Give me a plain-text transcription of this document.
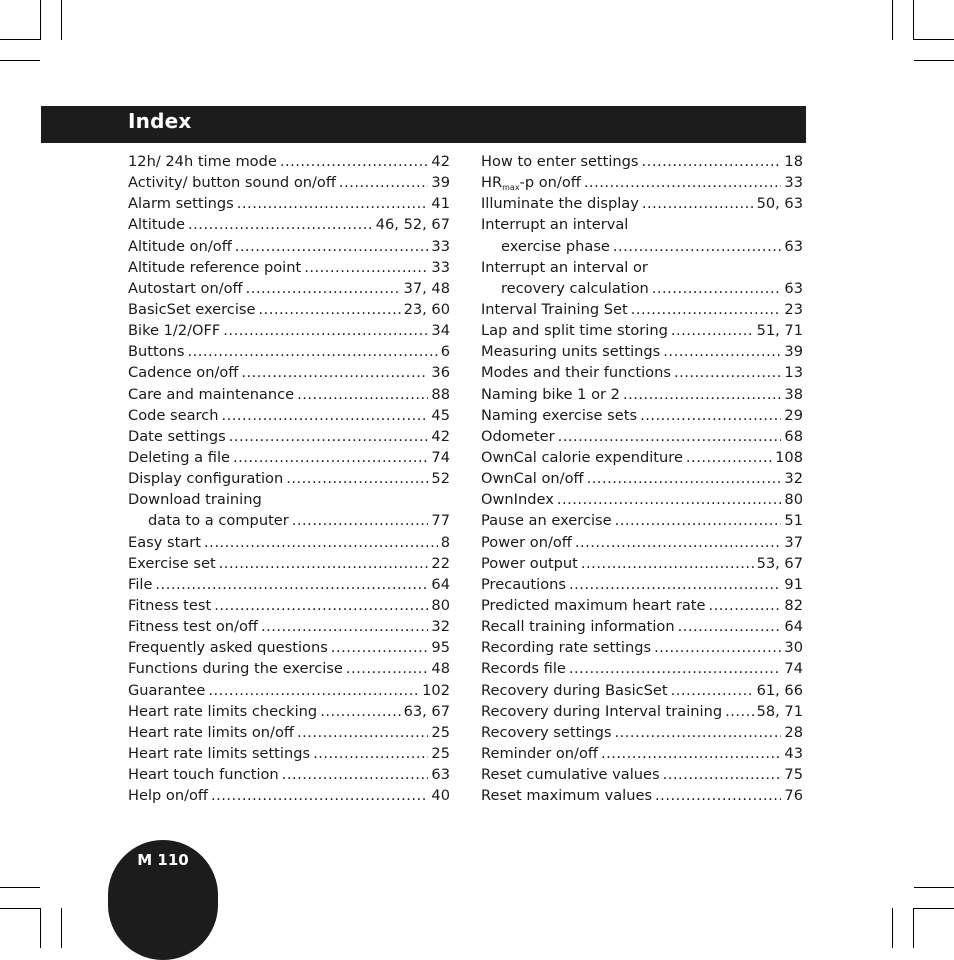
Index
12h/ 24h time mode .....	42
Activity/ button sound on/off .....	39
Alarm settings .....	41
Altitude .....	46, 52, 67
Altitude on/off .....	33
Altitude reference point .....	33
Autostart on/off .....	37, 48
BasicSet exercise .....	23, 60
Bike 1/2/OFF .....	34
Buttons .....	6
Cadence on/off .....	36
Care and maintenance .....	88
Code search .....	45
Date settings .....	42
Deleting a file .....	74
Display configuration .....	52
Download training
data to a computer .....	77
Easy start .....	8
Exercise set .....	22
File .....	64
Fitness test .....	80
Fitness test on/off .....	32
Frequently asked questions .....	95
Functions during the exercise .....	48
Guarantee .....	102
Heart rate limits checking .....	63, 67
Heart rate limits on/off .....	25
Heart rate limits settings .....	25
Heart touch function .....	63
Help on/off .....	40
How to enter settings .....	18
$HR_{max}-p$ on/off .....	33
Illuminate the display .....	50, 63
Interrupt an interval
exercise phase .....	63
Interrupt an interval or
recovery calculation .....	63
Interval Training Set .....	23
Lap and split time storing .....	51, 71
Measuring units settings .....	39
Modes and their functions .....	13
Naming bike 1 or 2 .....	38
Naming exercise sets .....	29
Odometer .....	68
OwnCal calorie expenditure .....	108
OwnCal on/off .....	32
OwnIndex .....	80
Pause an exercise .....	51
Power on/off .....	37
Power output .....	53, 67
Precautions .....	91
Predicted maximum heart rate .....	82
Recall training information .....	64
Recording rate settings .....	30
Records file .....	74
Recovery during BasicSet .....	61, 66
Recovery during Interval training ..... 58, 71
Recovery settings .....	28
Reminder on/off .....	43
Reset cumulative values .....	75
Reset maximum values .....	76
M 110
